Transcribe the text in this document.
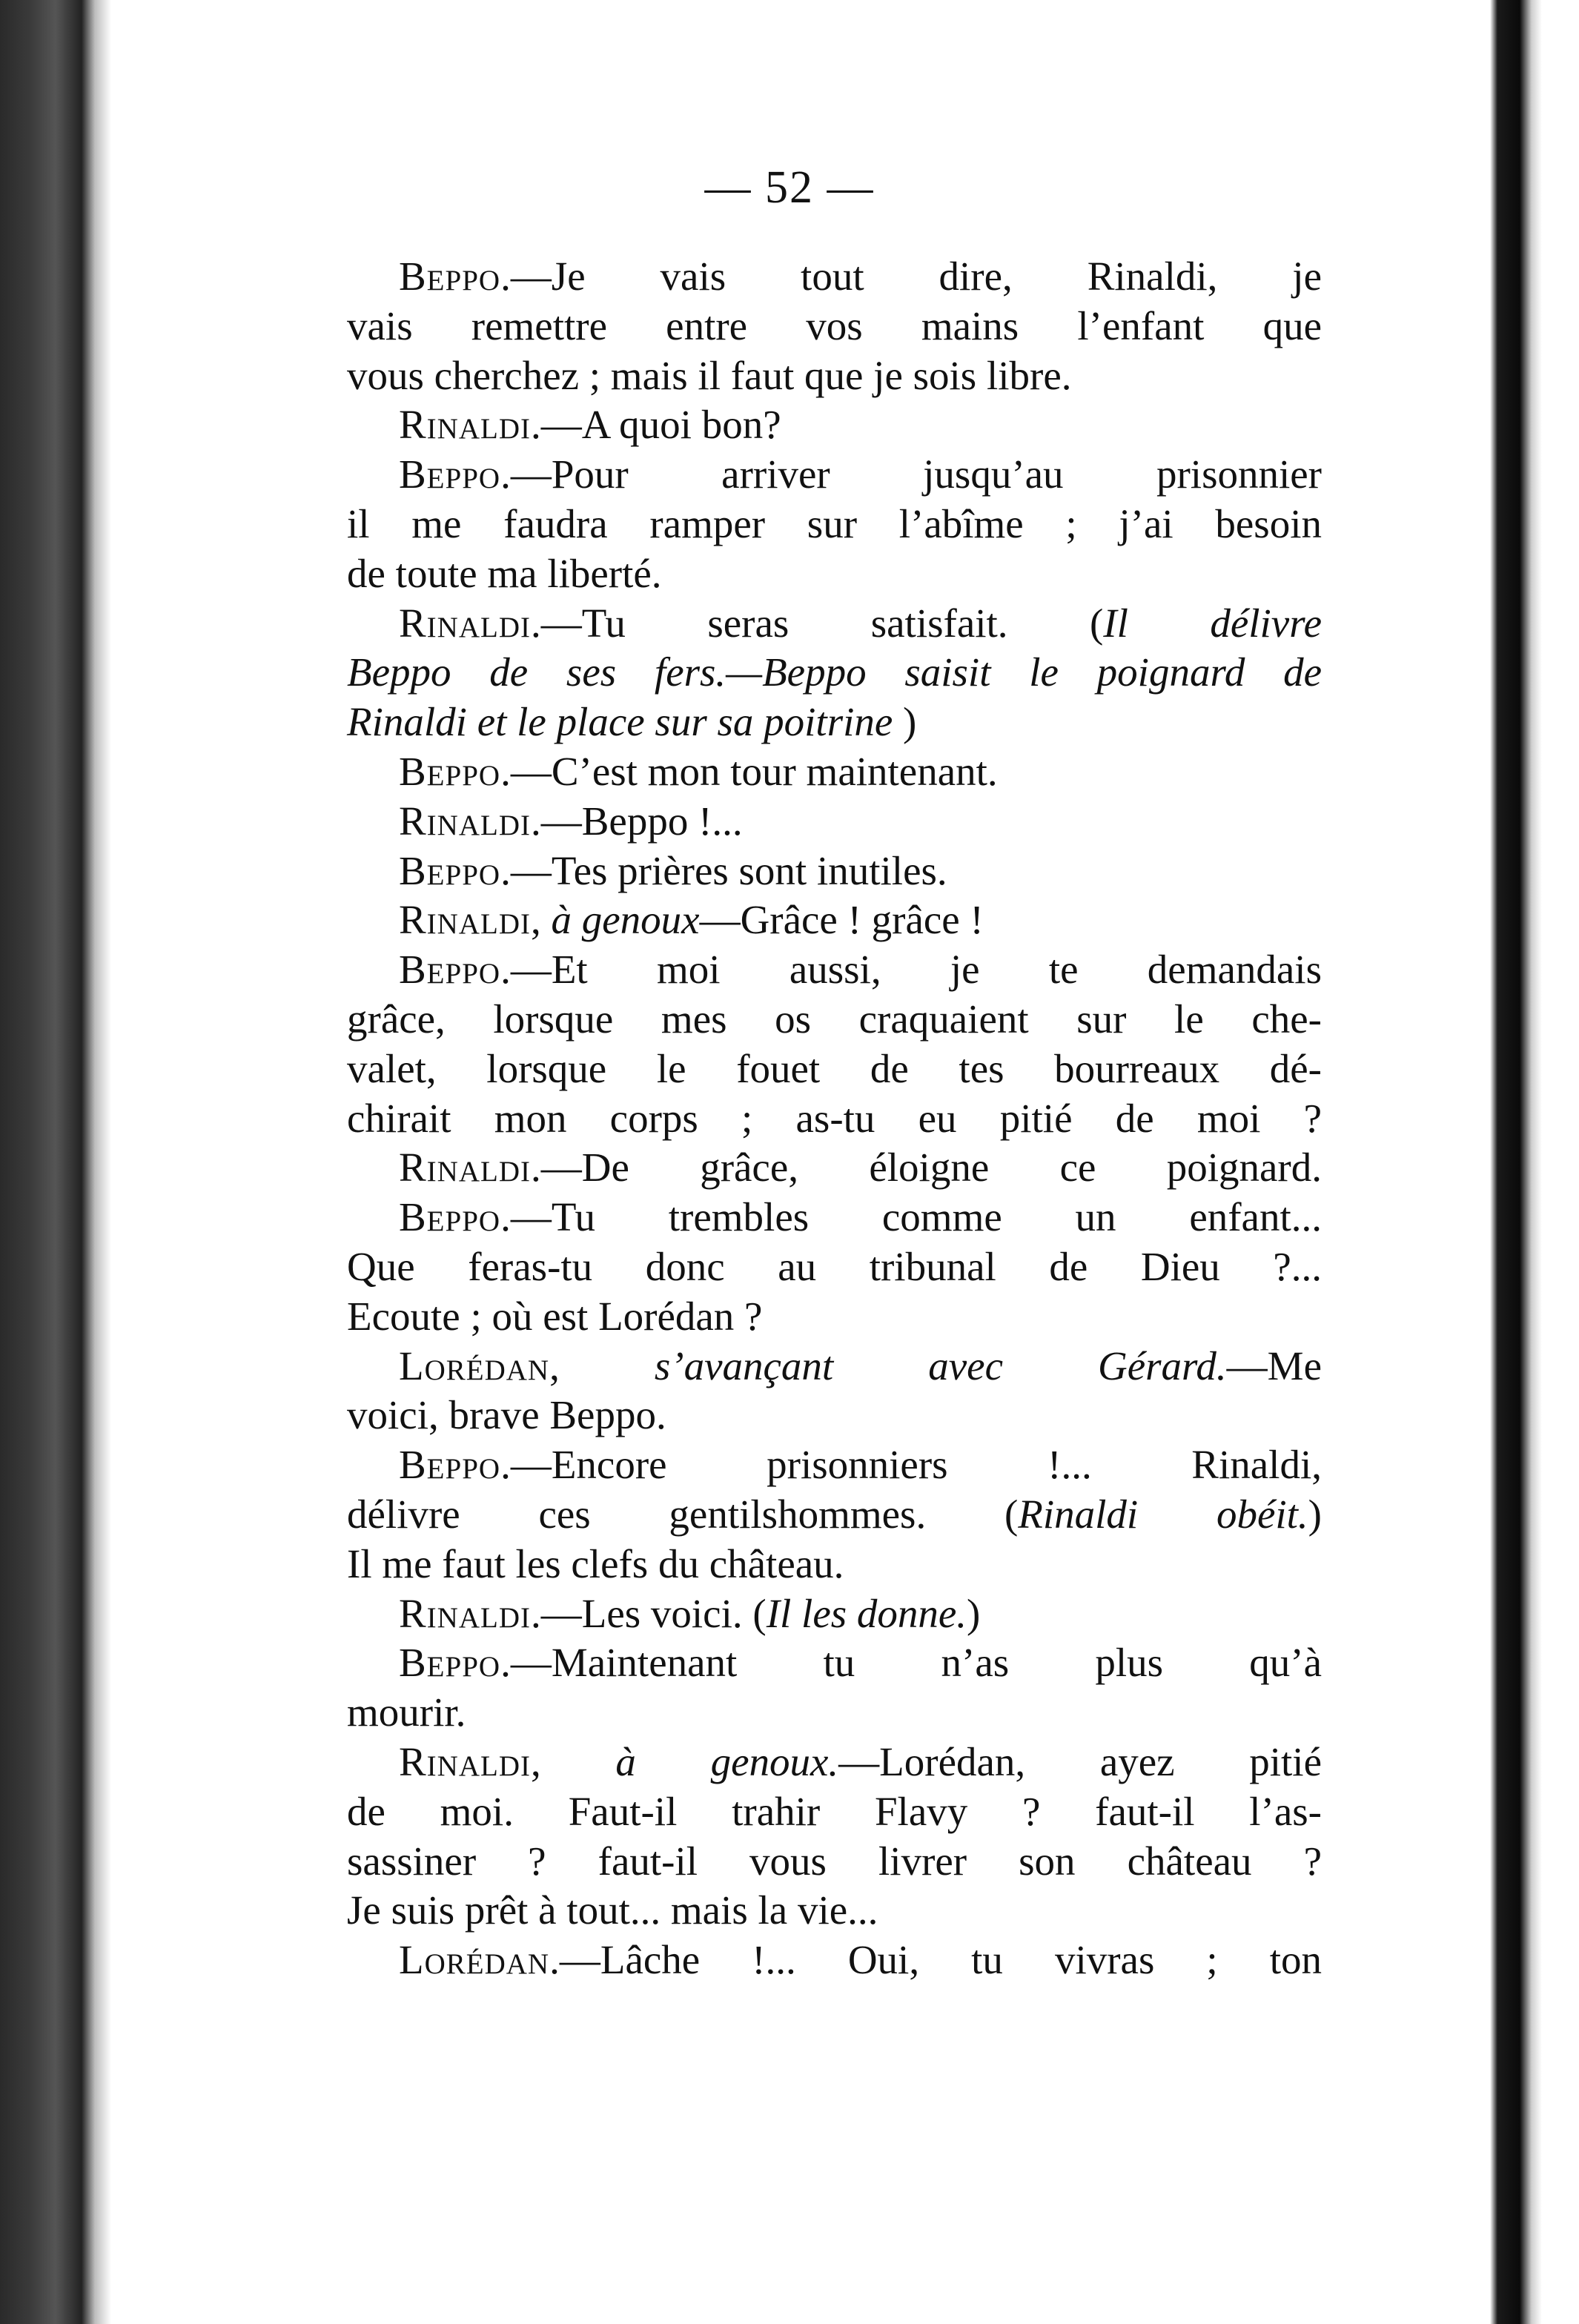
— 52 —
Beppo.—Je vais tout dire, Rinaldi, je
vais remettre entre vos mains l’enfant que
vous cherchez ; mais il faut que je sois libre.
Rinaldi.—A quoi bon?
Beppo.—Pour arriver jusqu’au prisonnier
il me faudra ramper sur l’abîme ; j’ai besoin
de toute ma liberté.
Rinaldi.—Tu seras satisfait. (Il délivre
Beppo de ses fers.—Beppo saisit le poignard de
Rinaldi et le place sur sa poitrine )
Beppo.—C’est mon tour maintenant.
Rinaldi.—Beppo !...
Beppo.—Tes prières sont inutiles.
Rinaldi, à genoux—Grâce ! grâce !
Beppo.—Et moi aussi, je te demandais
grâce, lorsque mes os craquaient sur le che-
valet, lorsque le fouet de tes bourreaux dé-
chirait mon corps ; as-tu eu pitié de moi ?
Rinaldi.—De grâce, éloigne ce poignard.
Beppo.—Tu trembles comme un enfant...
Que feras-tu donc au tribunal de Dieu ?...
Ecoute ; où est Lorédan ?
Lorédan, s’avançant avec Gérard.—Me
voici, brave Beppo.
Beppo.—Encore prisonniers !... Rinaldi,
délivre ces gentilshommes. (Rinaldi obéit.)
Il me faut les clefs du château.
Rinaldi.—Les voici. (Il les donne.)
Beppo.—Maintenant tu n’as plus qu’à
mourir.
Rinaldi, à genoux.—Lorédan, ayez pitié
de moi. Faut-il trahir Flavy ? faut-il l’as-
sassiner ? faut-il vous livrer son château ?
Je suis prêt à tout... mais la vie...
Lorédan.—Lâche !... Oui, tu vivras ; ton
